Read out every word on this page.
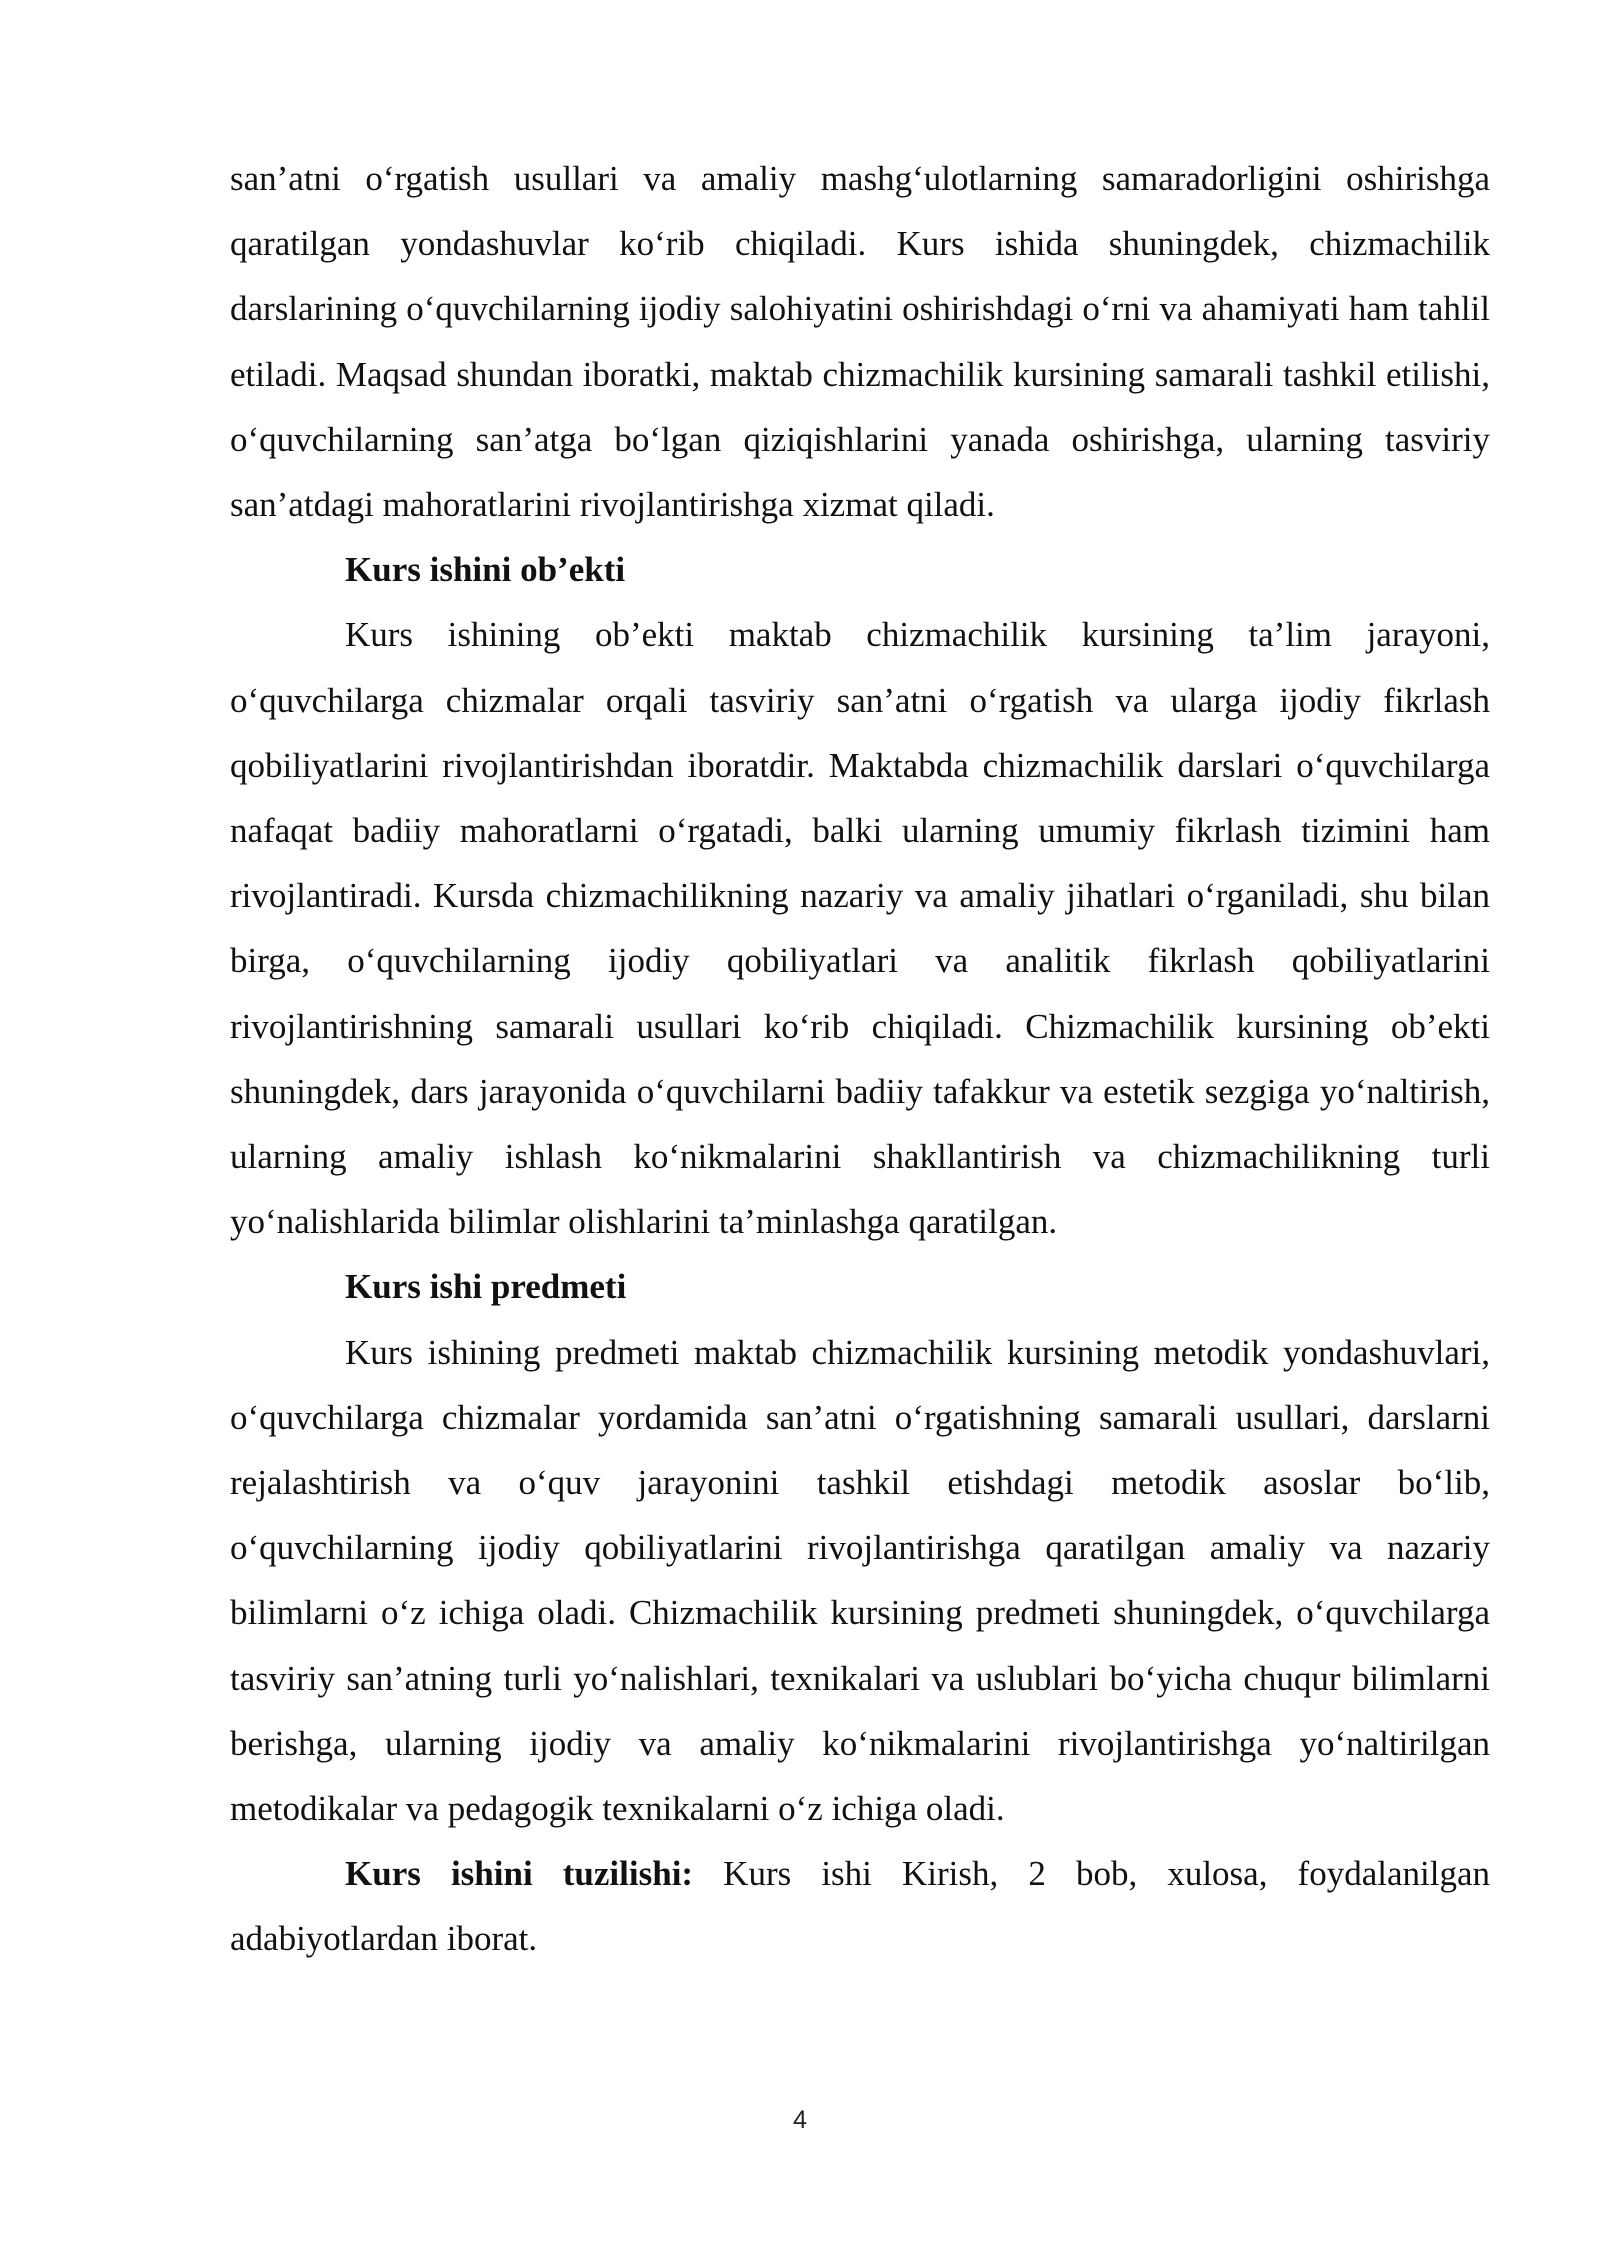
san’atni o‘rgatish usullari va amaliy mashg‘ulotlarning samaradorligini oshirishga qaratilgan yondashuvlar ko‘rib chiqiladi. Kurs ishida shuningdek, chizmachilik darslarining o‘quvchilarning ijodiy salohiyatini oshirishdagi o‘rni va ahamiyati ham tahlil etiladi. Maqsad shundan iboratki, maktab chizmachilik kursining samarali tashkil etilishi, o‘quvchilarning san’atga bo‘lgan qiziqishlarini yanada oshirishga, ularning tasviriy san’atdagi mahoratlarini rivojlantirishga xizmat qiladi.

Kurs ishini ob’ekti

Kurs ishining ob’ekti maktab chizmachilik kursining ta’lim jarayoni, o‘quvchilarga chizmalar orqali tasviriy san’atni o‘rgatish va ularga ijodiy fikrlash qobiliyatlarini rivojlantirishdan iboratdir. Maktabda chizmachilik darslari o‘quvchilarga nafaqat badiiy mahoratlarni o‘rgatadi, balki ularning umumiy fikrlash tizimini ham rivojlantiradi. Kursda chizmachilikning nazariy va amaliy jihatlari o‘rganiladi, shu bilan birga, o‘quvchilarning ijodiy qobiliyatlari va analitik fikrlash qobiliyatlarini rivojlantirishning samarali usullari ko‘rib chiqiladi. Chizmachilik kursining ob’ekti shuningdek, dars jarayonida o‘quvchilarni badiiy tafakkur va estetik sezgiga yo‘naltirish, ularning amaliy ishlash ko‘nikmalarini shakllantirish va chizmachilikning turli yo‘nalishlarida bilimlar olishlarini ta’minlashga qaratilgan.

Kurs ishi predmeti

Kurs ishining predmeti maktab chizmachilik kursining metodik yondashuvlari, o‘quvchilarga chizmalar yordamida san’atni o‘rgatishning samarali usullari, darslarni rejalashtirish va o‘quv jarayonini tashkil etishdagi metodik asoslar bo‘lib, o‘quvchilarning ijodiy qobiliyatlarini rivojlantirishga qaratilgan amaliy va nazariy bilimlarni o‘z ichiga oladi. Chizmachilik kursining predmeti shuningdek, o‘quvchilarga tasviriy san’atning turli yo‘nalishlari, texnikalari va uslublari bo‘yicha chuqur bilimlarni berishga, ularning ijodiy va amaliy ko‘nikmalarini rivojlantirishga yo‘naltirilgan metodikalar va pedagogik texnikalarni o‘z ichiga oladi.

Kurs ishini tuzilishi: Kurs ishi Kirish, 2 bob, xulosa, foydalanilgan adabiyotlardan iborat.

4
